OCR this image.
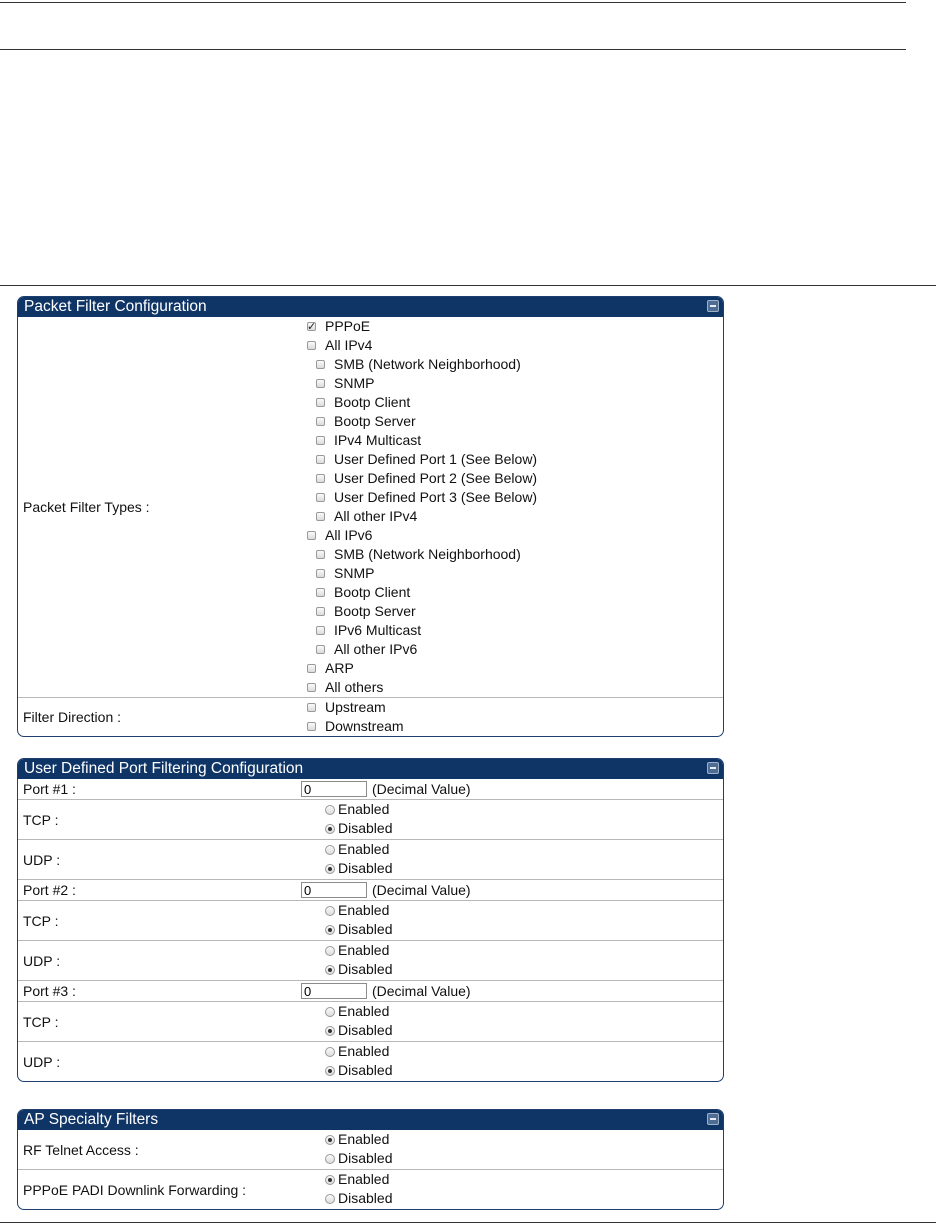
Packet Filter Configuration
Packet Filter Types :
✓
PPPoE
All IPv4
SMB (Network Neighborhood)
SNMP
Bootp Client
Bootp Server
IPv4 Multicast
User Defined Port 1 (See Below)
User Defined Port 2 (See Below)
User Defined Port 3 (See Below)
All other IPv4
All IPv6
SMB (Network Neighborhood)
SNMP
Bootp Client
Bootp Server
IPv6 Multicast
All other IPv6
ARP
All others
Filter Direction :
Upstream
Downstream
User Defined Port Filtering Configuration
Port #1 :
0	(Decimal Value)
TCP :
Enabled
Disabled
UDP :
Enabled
Disabled
Port #2 :
0	(Decimal Value)
TCP :
Enabled
Disabled
UDP :
Enabled
Disabled
Port #3 :
0	(Decimal Value)
TCP :
Enabled
Disabled
UDP :
Enabled
Disabled
AP Specialty Filters
RF Telnet Access :
Enabled
Disabled
PPPoE PADI Downlink Forwarding :
Enabled
Disabled
